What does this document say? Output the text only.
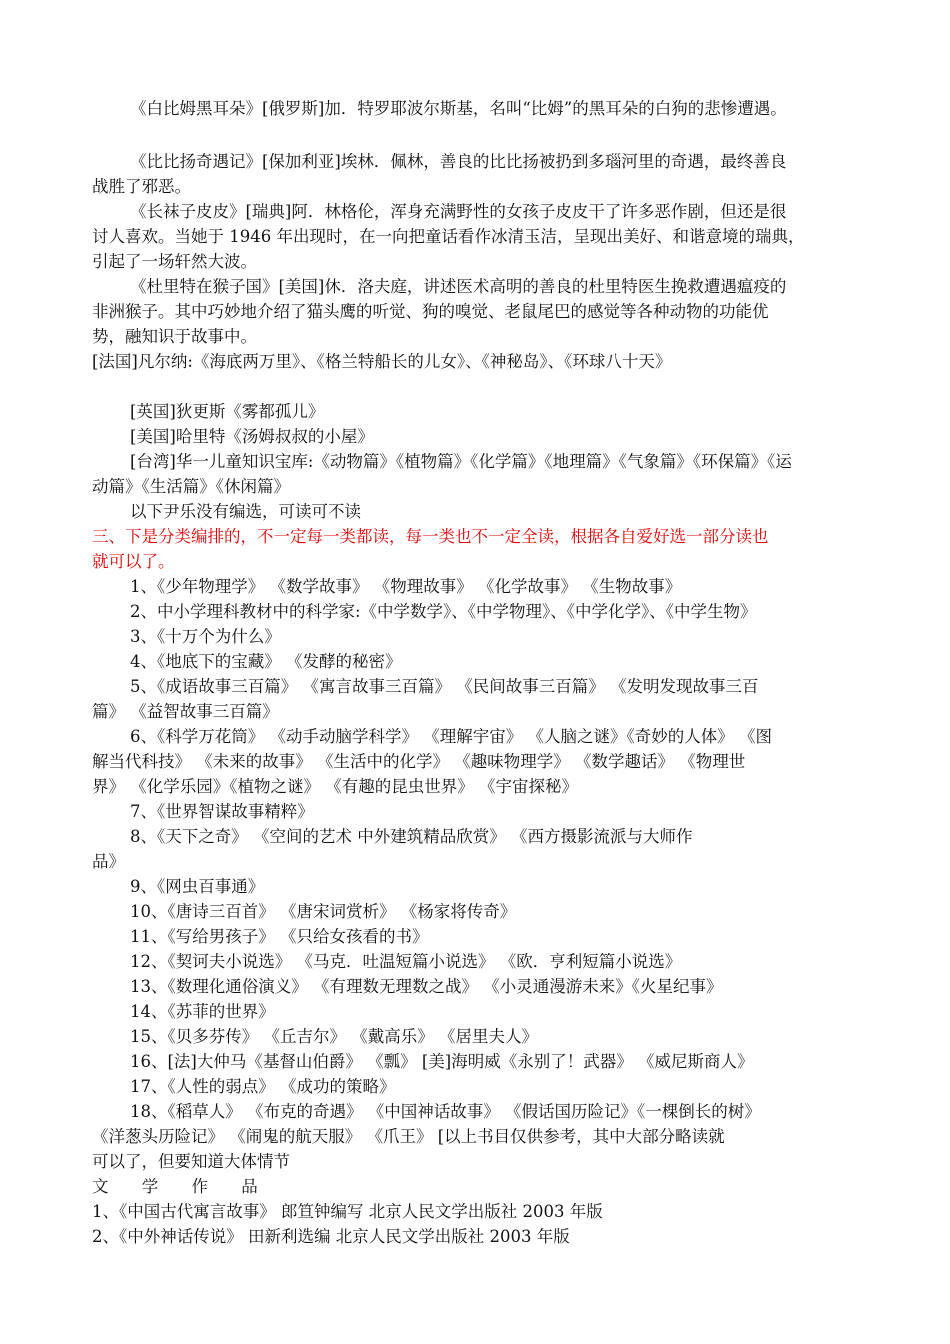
《白比姆黑耳朵》[俄罗斯]加．特罗耶波尔斯基，名叫“比姆”的黑耳朵的白狗的悲惨遭遇。
《比比扬奇遇记》[保加利亚]埃林．佩林，善良的比比扬被扔到多瑙河里的奇遇，最终善良
战胜了邪恶。
《长袜子皮皮》[瑞典]阿．林格伦，浑身充满野性的女孩子皮皮干了许多恶作剧，但还是很
讨人喜欢。当她于 1946 年出现时，在一向把童话看作冰清玉洁，呈现出美好、和谐意境的瑞典，
引起了一场轩然大波。
《杜里特在猴子国》[美国]休．洛夫庭，讲述医术高明的善良的杜里特医生挽救遭遇瘟疫的
非洲猴子。其中巧妙地介绍了猫头鹰的听觉、狗的嗅觉、老鼠尾巴的感觉等各种动物的功能优
势，融知识于故事中。
[法国]凡尔纳:《海底两万里》、《格兰特船长的儿女》、《神秘岛》、《环球八十天》
[英国]狄更斯《雾都孤儿》
[美国]哈里特《汤姆叔叔的小屋》
[台湾]华一儿童知识宝库:《动物篇》《植物篇》《化学篇》《地理篇》《气象篇》《环保篇》《运
动篇》《生活篇》《休闲篇》
以下尹乐没有编选，可读可不读
三、下是分类编排的，不一定每一类都读，每一类也不一定全读，根据各自爱好选一部分读也
就可以了。
1、《少年物理学》 《数学故事》 《物理故事》 《化学故事》 《生物故事》
2、中小学理科教材中的科学家:《中学数学》、《中学物理》、《中学化学》、《中学生物》
3、《十万个为什么》
4、《地底下的宝藏》 《发酵的秘密》
5、《成语故事三百篇》 《寓言故事三百篇》 《民间故事三百篇》 《发明发现故事三百
篇》 《益智故事三百篇》
6、《科学万花筒》 《动手动脑学科学》 《理解宇宙》 《人脑之谜》《奇妙的人体》 《图
解当代科技》 《未来的故事》 《生活中的化学》 《趣味物理学》 《数学趣话》 《物理世
界》 《化学乐园》《植物之谜》 《有趣的昆虫世界》 《宇宙探秘》
7、《世界智谋故事精粹》
8、《天下之奇》 《空间的艺术 中外建筑精品欣赏》 《西方摄影流派与大师作
品》
9、《网虫百事通》
10、《唐诗三百首》 《唐宋词赏析》 《杨家将传奇》
11、《写给男孩子》 《只给女孩看的书》
12、《契诃夫小说选》 《马克．吐温短篇小说选》 《欧．亨利短篇小说选》
13、《数理化通俗演义》 《有理数无理数之战》 《小灵通漫游未来》《火星纪事》
14、《苏菲的世界》
15、《贝多芬传》 《丘吉尔》 《戴高乐》 《居里夫人》
16、[法]大仲马《基督山伯爵》 《瓢》 [美]海明威《永别了！武器》 《威尼斯商人》
17、《人性的弱点》 《成功的策略》
18、《稻草人》 《布克的奇遇》 《中国神话故事》 《假话国历险记》《一棵倒长的树》
《洋葱头历险记》 《闹鬼的航天服》 《爪王》 [以上书目仅供参考，其中大部分略读就
可以了，但要知道大体情节
文 学 作 品
1、《中国古代寓言故事》 郎笪钟编写 北京人民文学出版社 2003 年版
2、《中外神话传说》 田新利选编 北京人民文学出版社 2003 年版
